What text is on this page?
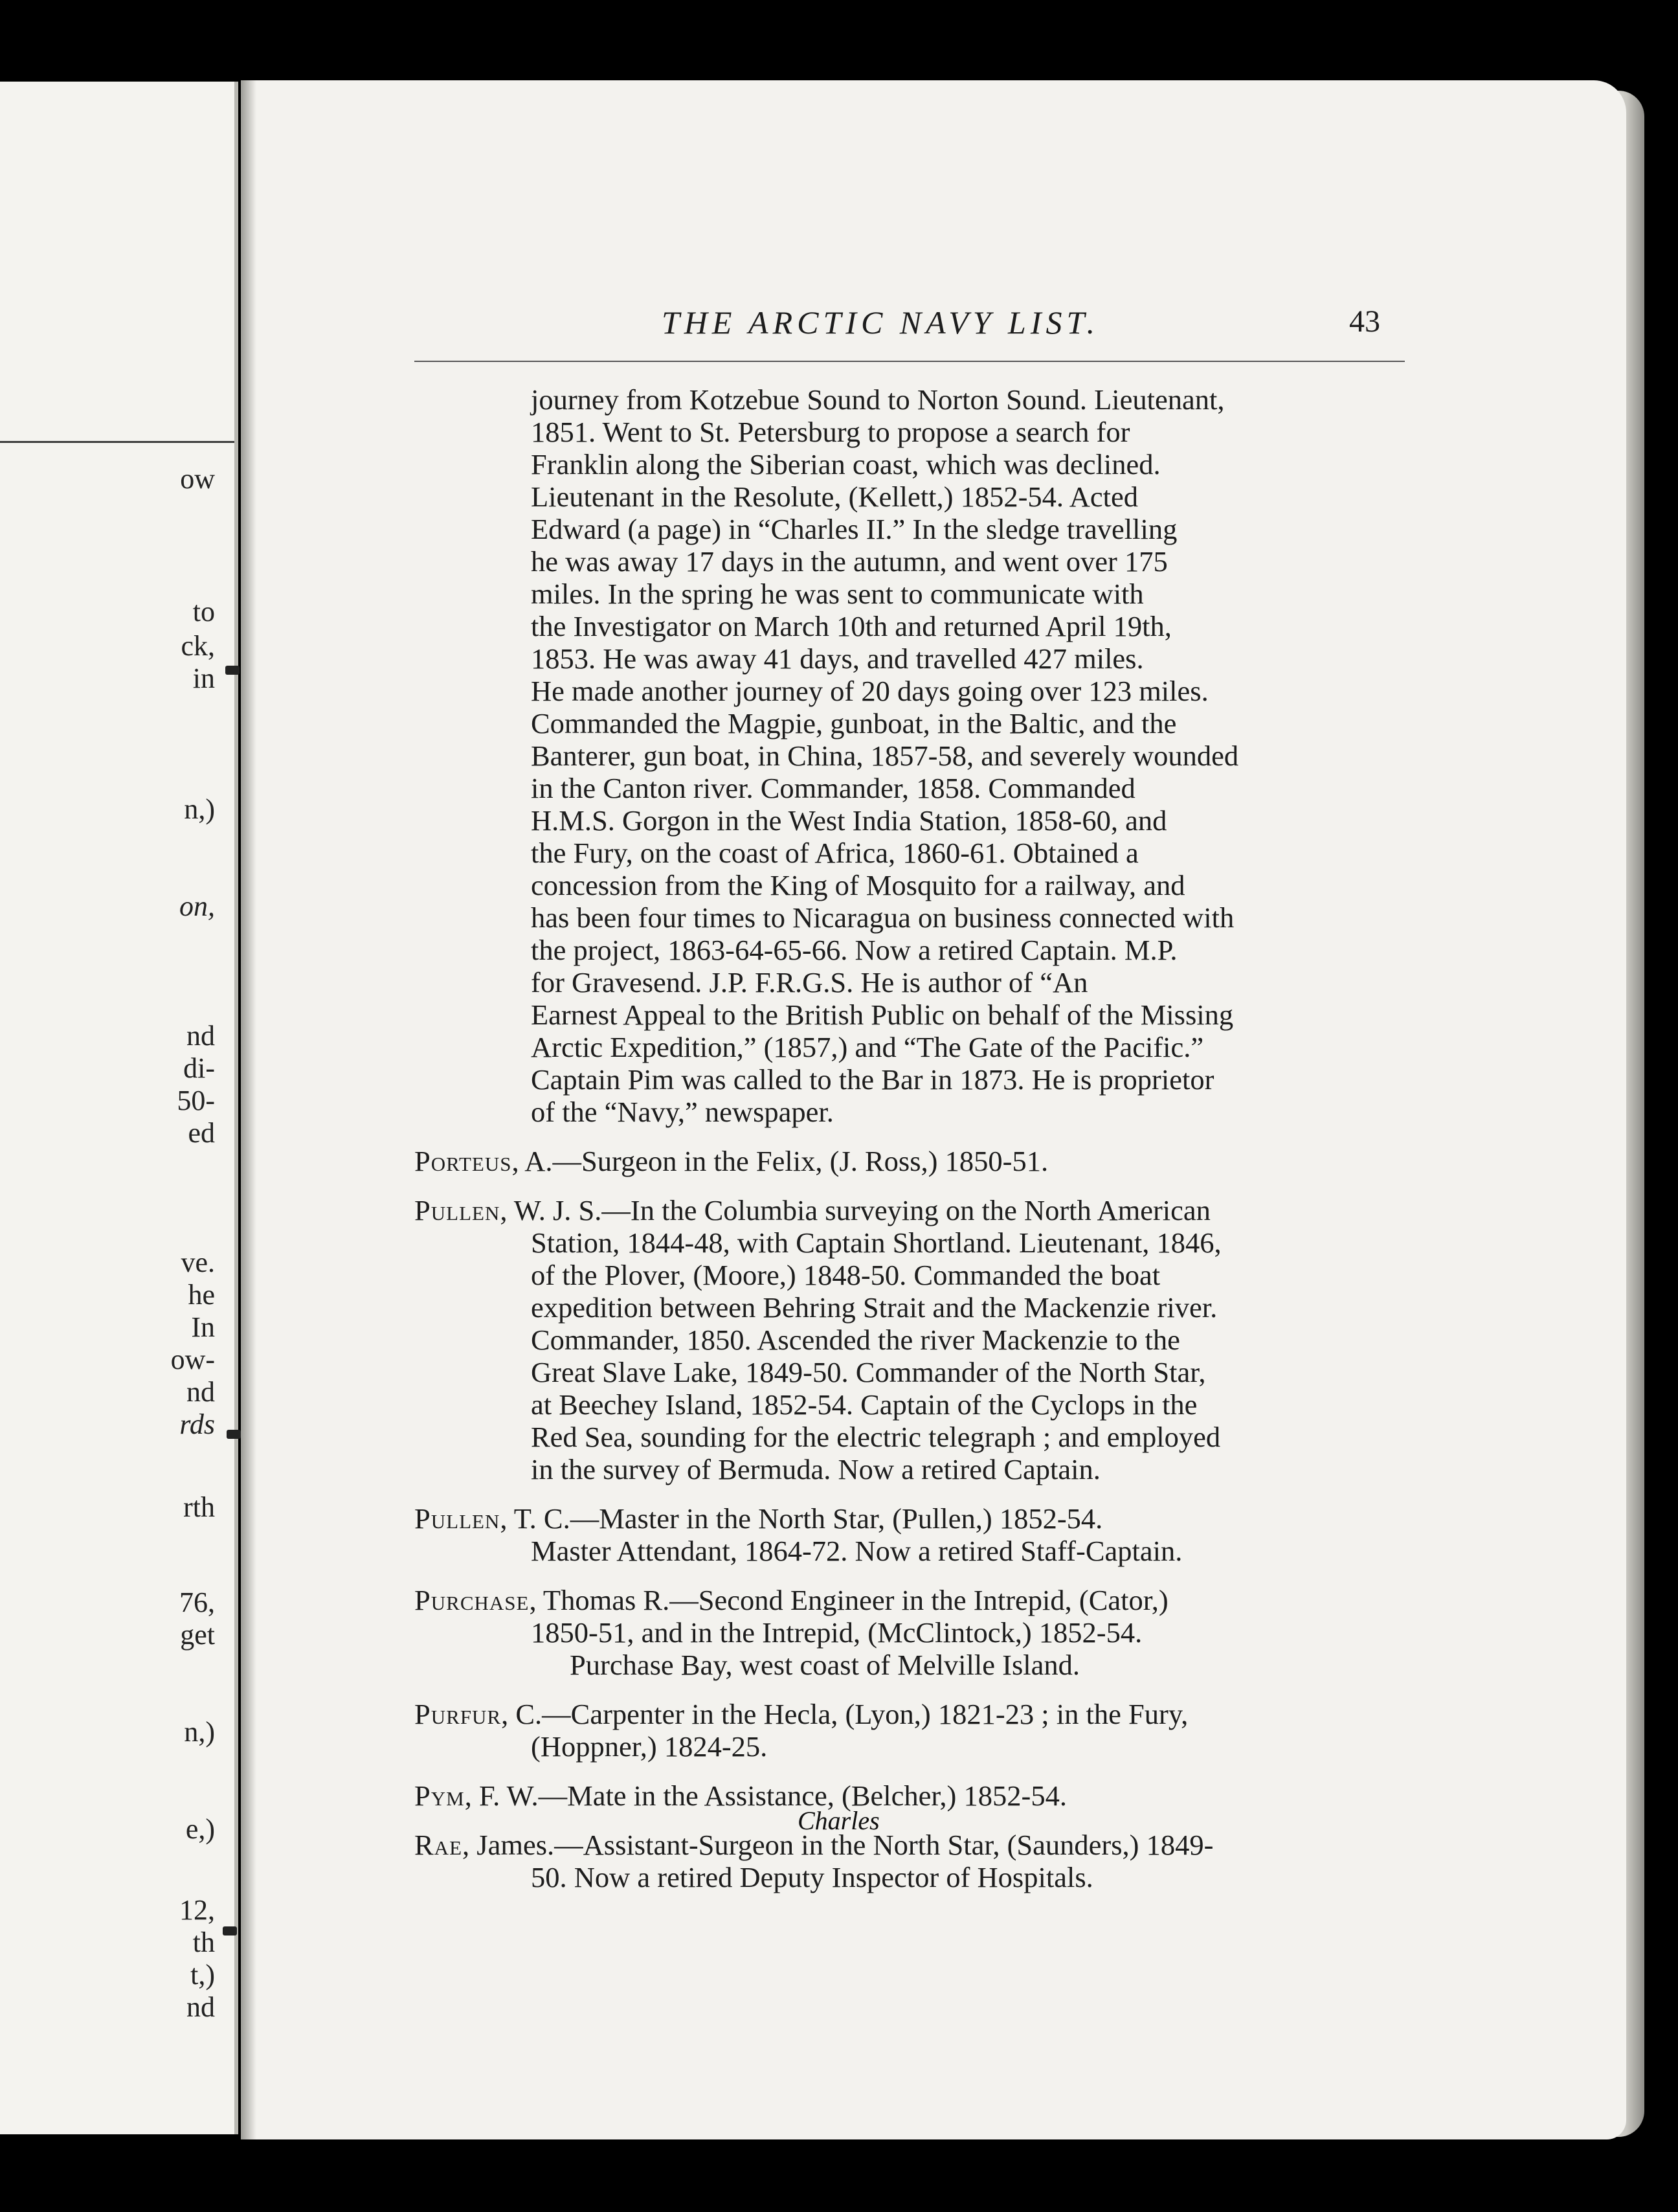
ow

to

ck,

in

n,)

on,

nd

di-

50-

ed

ve.

he

In

ow-

nd

rds

rth

76,

get

n,)

e,)

12,

th

t,)

nd

THE ARCTIC NAVY LIST.	43

journey from Kotzebue Sound to Norton Sound. Lieutenant,
1851. Went to St. Petersburg to propose a search for
Franklin along the Siberian coast, which was declined.
Lieutenant in the Resolute, (Kellett,) 1852-54. Acted
Edward (a page) in “Charles II.” In the sledge travelling
he was away 17 days in the autumn, and went over 175
miles. In the spring he was sent to communicate with
the Investigator on March 10th and returned April 19th,
1853. He was away 41 days, and travelled 427 miles.
He made another journey of 20 days going over 123 miles.
Commanded the Magpie, gunboat, in the Baltic, and the
Banterer, gun boat, in China, 1857-58, and severely wounded
in the Canton river. Commander, 1858. Commanded
H.M.S. Gorgon in the West India Station, 1858-60, and
the Fury, on the coast of Africa, 1860-61. Obtained a
concession from the King of Mosquito for a railway, and
has been four times to Nicaragua on business connected with
the project, 1863-64-65-66. Now a retired Captain. M.P.
for Gravesend. J.P. F.R.G.S. He is author of “An
Earnest Appeal to the British Public on behalf of the Missing
Arctic Expedition,” (1857,) and “The Gate of the Pacific.”
Captain Pim was called to the Bar in 1873. He is proprietor
of the “Navy,” newspaper.
Porteus, A.—Surgeon in the Felix, (J. Ross,) 1850-51.
Pullen, W. J. S.—In the Columbia surveying on the North American
Station, 1844-48, with Captain Shortland. Lieutenant, 1846,
of the Plover, (Moore,) 1848-50. Commanded the boat
expedition between Behring Strait and the Mackenzie river.
Commander, 1850. Ascended the river Mackenzie to the
Great Slave Lake, 1849-50. Commander of the North Star,
at Beechey Island, 1852-54. Captain of the Cyclops in the
Red Sea, sounding for the electric telegraph ; and employed
in the survey of Bermuda. Now a retired Captain.
Pullen, T. C.—Master in the North Star, (Pullen,) 1852-54.
Master Attendant, 1864-72. Now a retired Staff-Captain.
Purchase, Thomas R.—Second Engineer in the Intrepid, (Cator,)
1850-51, and in the Intrepid, (McClintock,) 1852-54.
Purchase Bay, west coast of Melville Island.
Purfur, C.—Carpenter in the Hecla, (Lyon,) 1821-23 ; in the Fury,
(Hoppner,) 1824-25.
Pym, F. W.—Mate in the Assistance, (Belcher,) 1852-54.
Rae, James.—Assistant-Surgeon in the North Star, (Saunders,) 1849-
50. Now a retired Deputy Inspector of Hospitals.

Charles
